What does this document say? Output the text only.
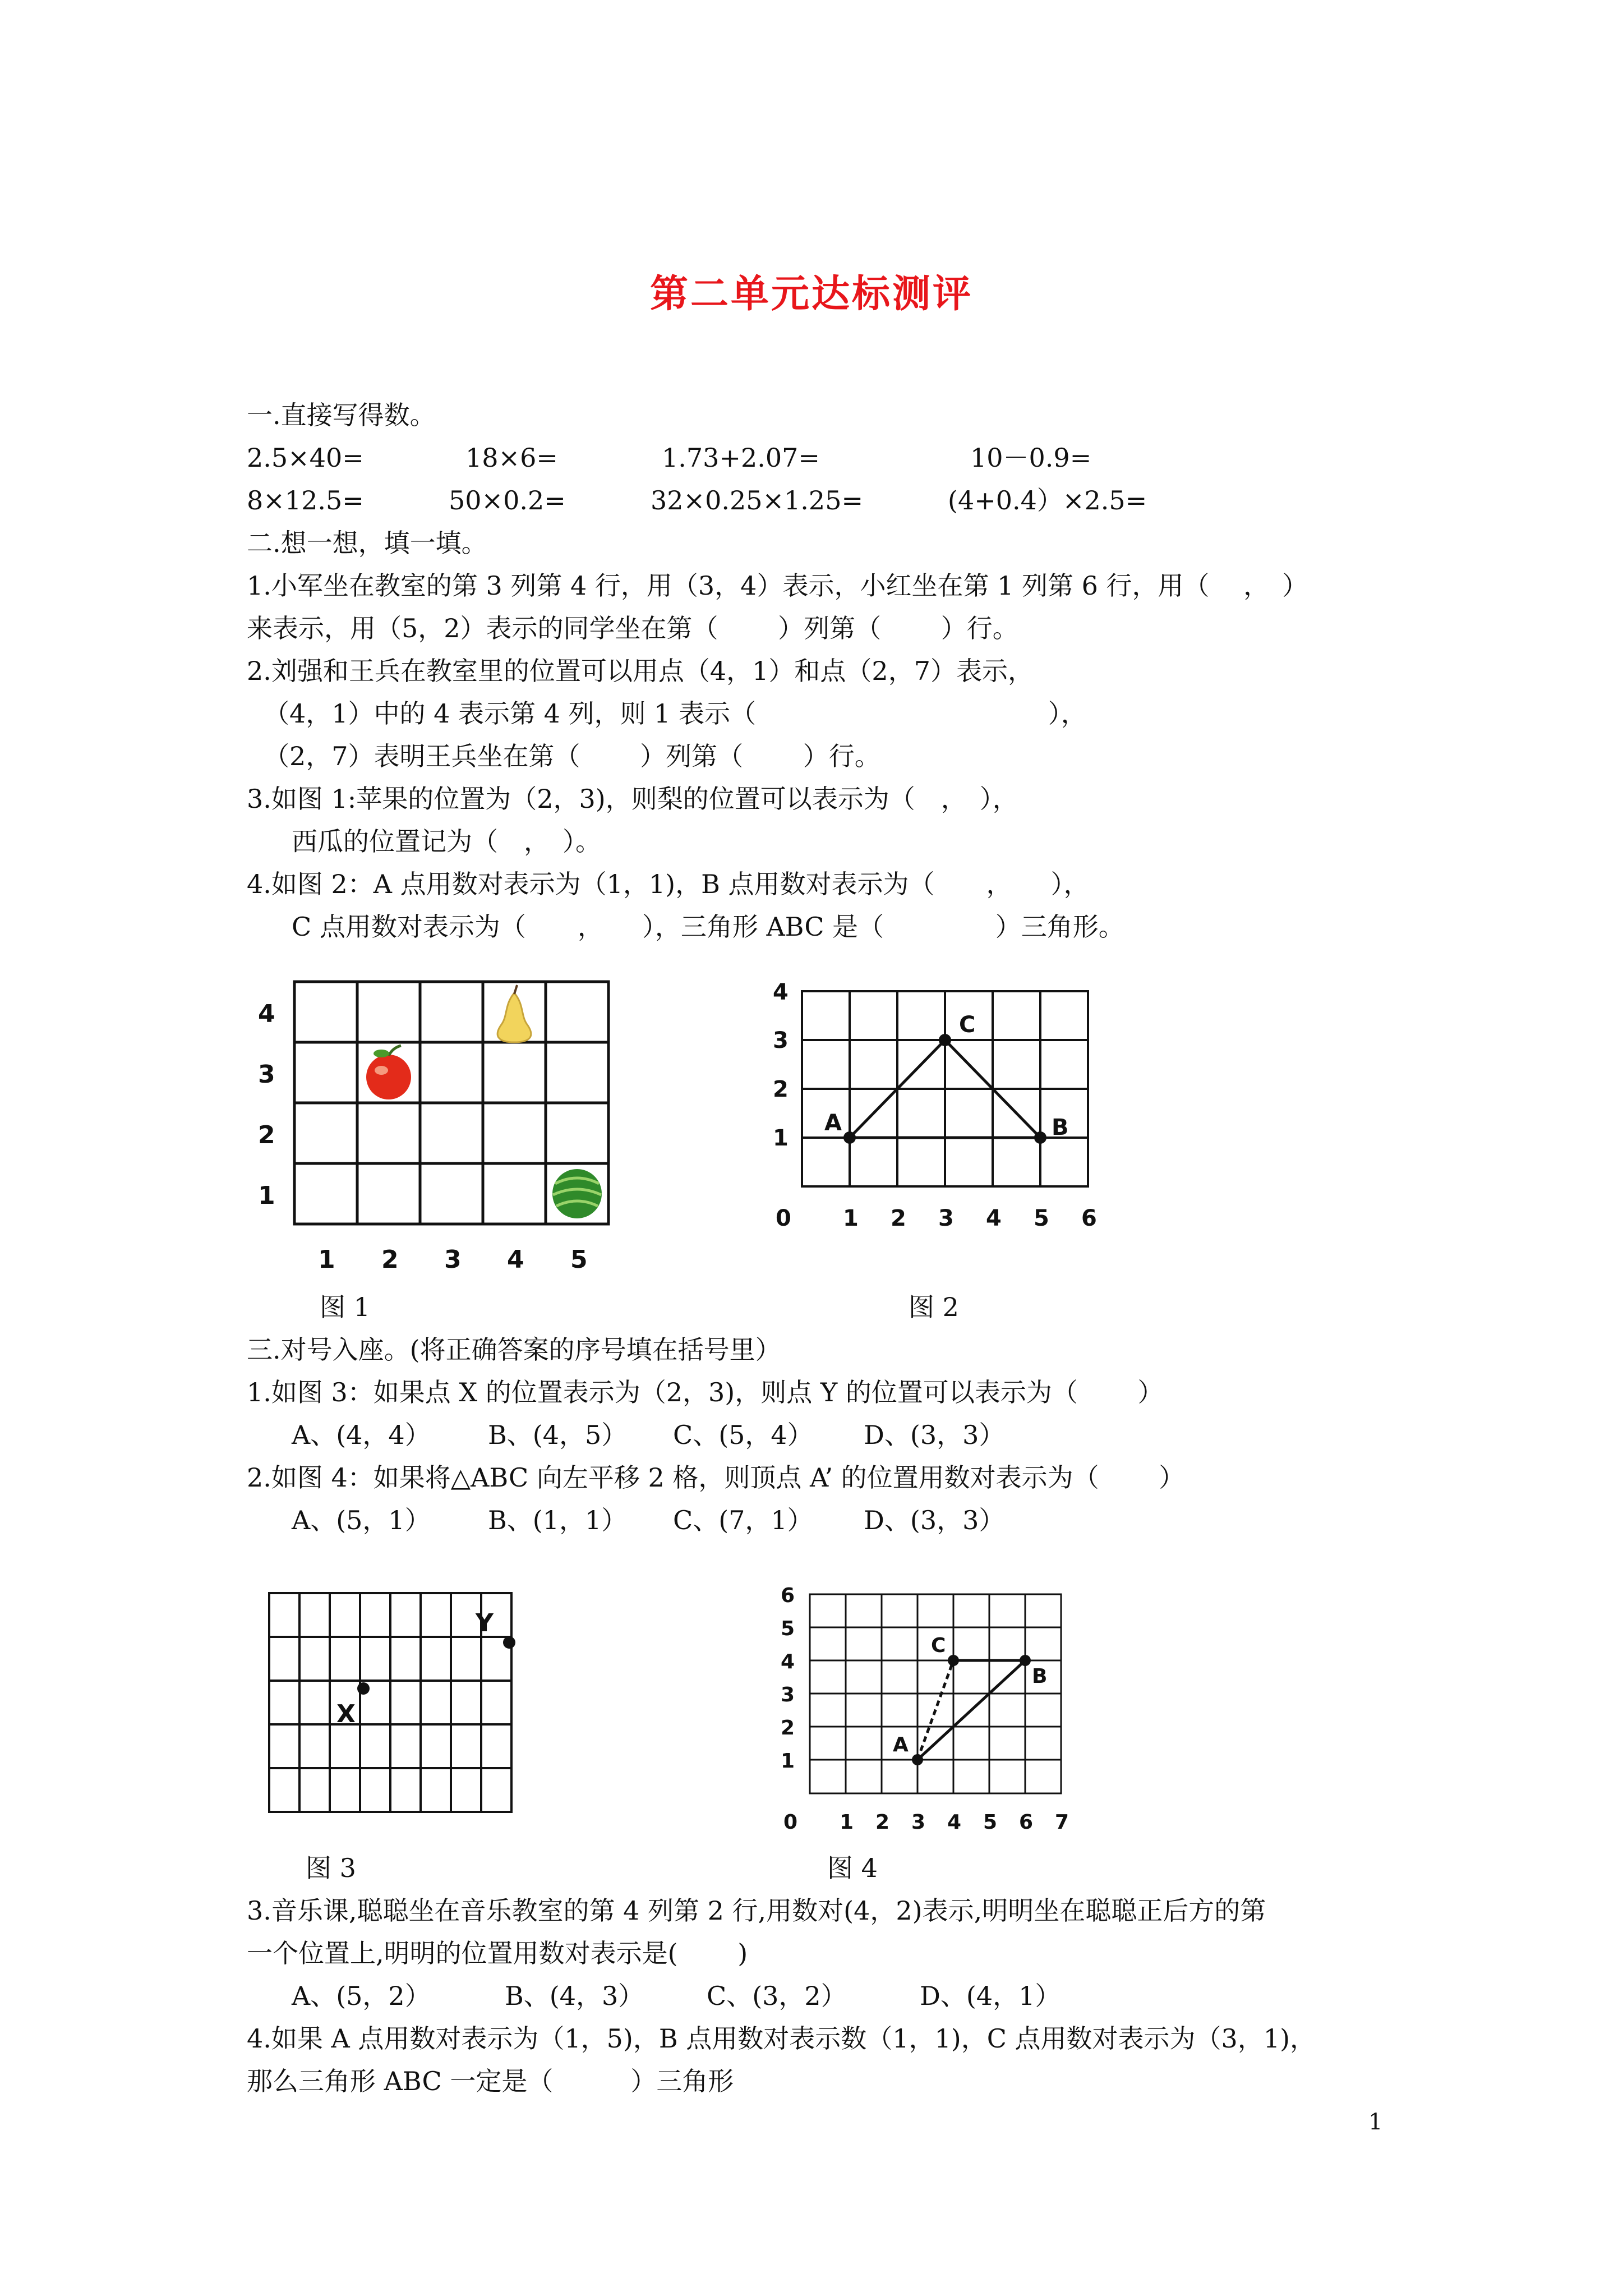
第二单元达标测评
一.直接写得数。
2.5×40=	18×6=	1.73+2.07=	10－0.9=
8×12.5=	50×0.2=	32×0.25×1.25=	(4+0.4）×2.5=
二.想一想，填一填。
1.小军坐在教室的第 3 列第 4 行，用（3，4）表示，小红坐在第 1 列第 6 行，用（　 ，　）
来表示，用（5，2）表示的同学坐在第（　　 ）列第（　　 ）行。
2.刘强和王兵在教室里的位置可以用点（4，1）和点（2，7）表示，
（4，1）中的 4 表示第 4 列，则 1 表示（　　　　　　　　　　　 ），
（2，7）表明王兵坐在第（　　 ）列第（　　 ）行。
3.如图 1:苹果的位置为（2，3)，则梨的位置可以表示为（　，　），
西瓜的位置记为（　，　）。
4.如图 2：A 点用数对表示为（1，1)，B 点用数对表示为（　　，　　），
C 点用数对表示为（　　，　　），三角形 ABC 是（　　　　 ）三角形。
4
3
2
1
1 2 3 4 5
图 1
A	B
C
4
3
2
1
0 1 2 3 4 5 6
图 2
三.对号入座。(将正确答案的序号填在括号里）
1.如图 3：如果点 X 的位置表示为（2，3)，则点 Y 的位置可以表示为（　　 ）
A、(4，4） B、(4，5） C、(5，4） D、(3，3）
2.如图 4：如果将△ABC 向左平移 2 格，则顶点 A’ 的位置用数对表示为（　　 ）
A、(5，1） B、(1，1） C、(7，1） D、(3，3）
X
Y
图 3
A
B
C
6
5
4
3
2
1
0 1 2 3 4 5 6 7
图 4
3.音乐课,聪聪坐在音乐教室的第 4 列第 2 行,用数对(4，2)表示,明明坐在聪聪正后方的第
一个位置上,明明的位置用数对表示是(　　 )
A、(5，2）	B、(4，3） C、(3，2）	D、(4，1）
4.如果 A 点用数对表示为（1，5)，B 点用数对表示数（1，1)，C 点用数对表示为（3，1)，
那么三角形 ABC 一定是（　　　）三角形
1
